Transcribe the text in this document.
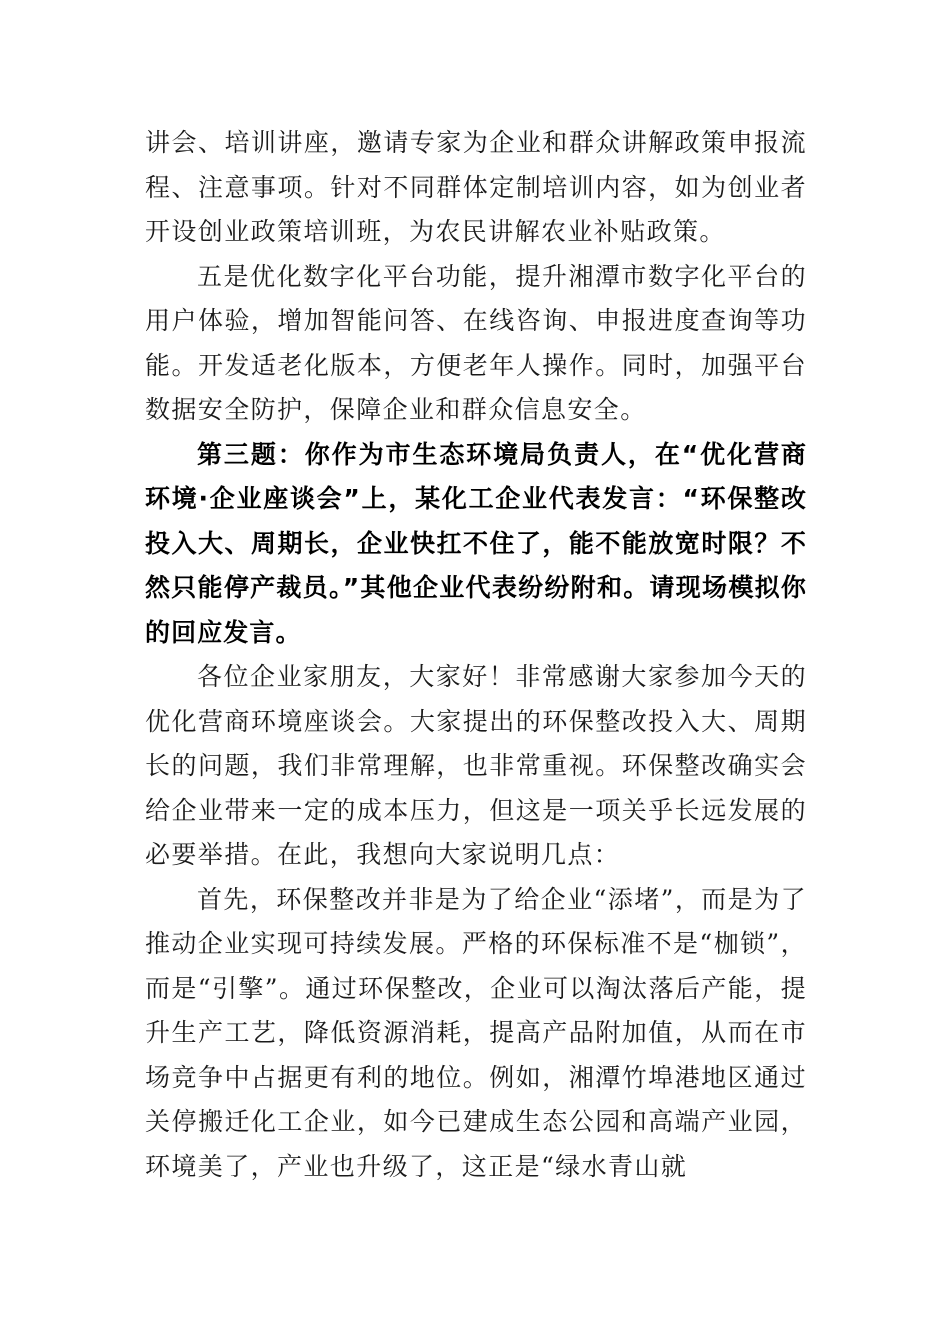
讲会、培训讲座，邀请专家为企业和群众讲解政策申报流程、注意事项。针对不同群体定制培训内容，如为创业者开设创业政策培训班，为农民讲解农业补贴政策。

五是优化数字化平台功能，提升湘潭市数字化平台的用户体验，增加智能问答、在线咨询、申报进度查询等功能。开发适老化版本，方便老年人操作。同时，加强平台数据安全防护，保障企业和群众信息安全。

第三题：你作为市生态环境局负责人，在“优化营商环境·企业座谈会”上，某化工企业代表发言：“环保整改投入大、周期长，企业快扛不住了，能不能放宽时限？不然只能停产裁员。”其他企业代表纷纷附和。请现场模拟你的回应发言。

各位企业家朋友，大家好！非常感谢大家参加今天的优化营商环境座谈会。大家提出的环保整改投入大、周期长的问题，我们非常理解，也非常重视。环保整改确实会给企业带来一定的成本压力，但这是一项关乎长远发展的必要举措。在此，我想向大家说明几点：

首先，环保整改并非是为了给企业“添堵”，而是为了推动企业实现可持续发展。严格的环保标准不是“枷锁”，而是“引擎”。通过环保整改，企业可以淘汰落后产能，提升生产工艺，降低资源消耗，提高产品附加值，从而在市场竞争中占据更有利的地位。例如，湘潭竹埠港地区通过关停搬迁化工企业，如今已建成生态公园和高端产业园，环境美了，产业也升级了，这正是“绿水青山就
